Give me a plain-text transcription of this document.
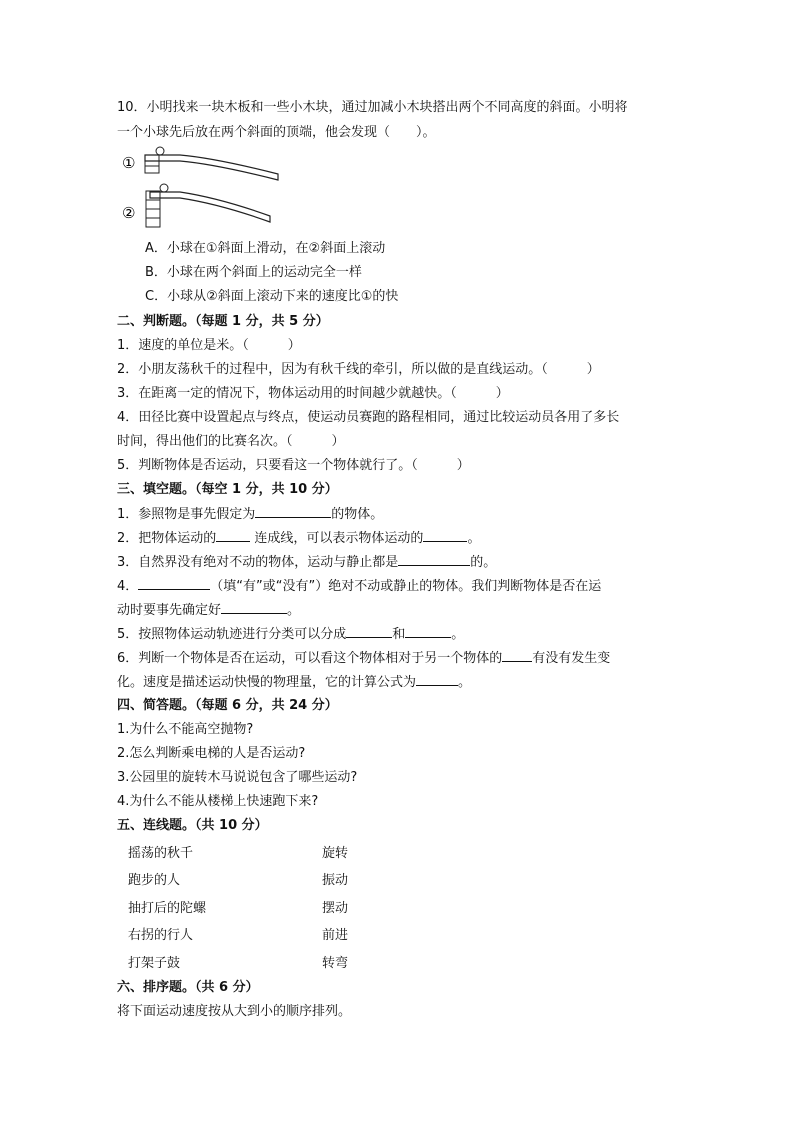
10．小明找来一块木板和一些小木块，通过加减小木块搭出两个不同高度的斜面。小明将
一个小球先后放在两个斜面的顶端，他会发现（　　）。
①
②
A．小球在①斜面上滑动，在②斜面上滚动
B．小球在两个斜面上的运动完全一样
C．小球从②斜面上滚动下来的速度比①的快
二、判断题。（每题 1 分，共 5 分）
1．速度的单位是米。（　　　）
2．小朋友荡秋千的过程中，因为有秋千线的牵引，所以做的是直线运动。（　　　）
3．在距离一定的情况下，物体运动用的时间越少就越快。（　　　）
4．田径比赛中设置起点与终点，使运动员赛跑的路程相同，通过比较运动员各用了多长
时间，得出他们的比赛名次。（　　　）
5．判断物体是否运动，只要看这一个物体就行了。（　　　）
三、填空题。（每空 1 分，共 10 分）
1．参照物是事先假定为	的物体。
2．把物体运动的	连成线，可以表示物体运动的	。
3．自然界没有绝对不动的物体，运动与静止都是	的。
4．	（填“有”或“没有”）绝对不动或静止的物体。我们判断物体是否在运
动时要事先确定好	。
5．按照物体运动轨迹进行分类可以分成	和	。
6．判断一个物体是否在运动，可以看这个物体相对于另一个物体的 有没有发生变
化。速度是描述运动快慢的物理量，它的计算公式为	。
四、简答题。（每题 6 分，共 24 分）
1.为什么不能高空抛物?
2.怎么判断乘电梯的人是否运动?
3.公园里的旋转木马说说包含了哪些运动?
4.为什么不能从楼梯上快速跑下来?
五、连线题。（共 10 分）
摇荡的秋千	旋转
跑步的人	振动
抽打后的陀螺	摆动
右拐的行人	前进
打架子鼓	转弯
六、排序题。（共 6 分）
将下面运动速度按从大到小的顺序排列。
